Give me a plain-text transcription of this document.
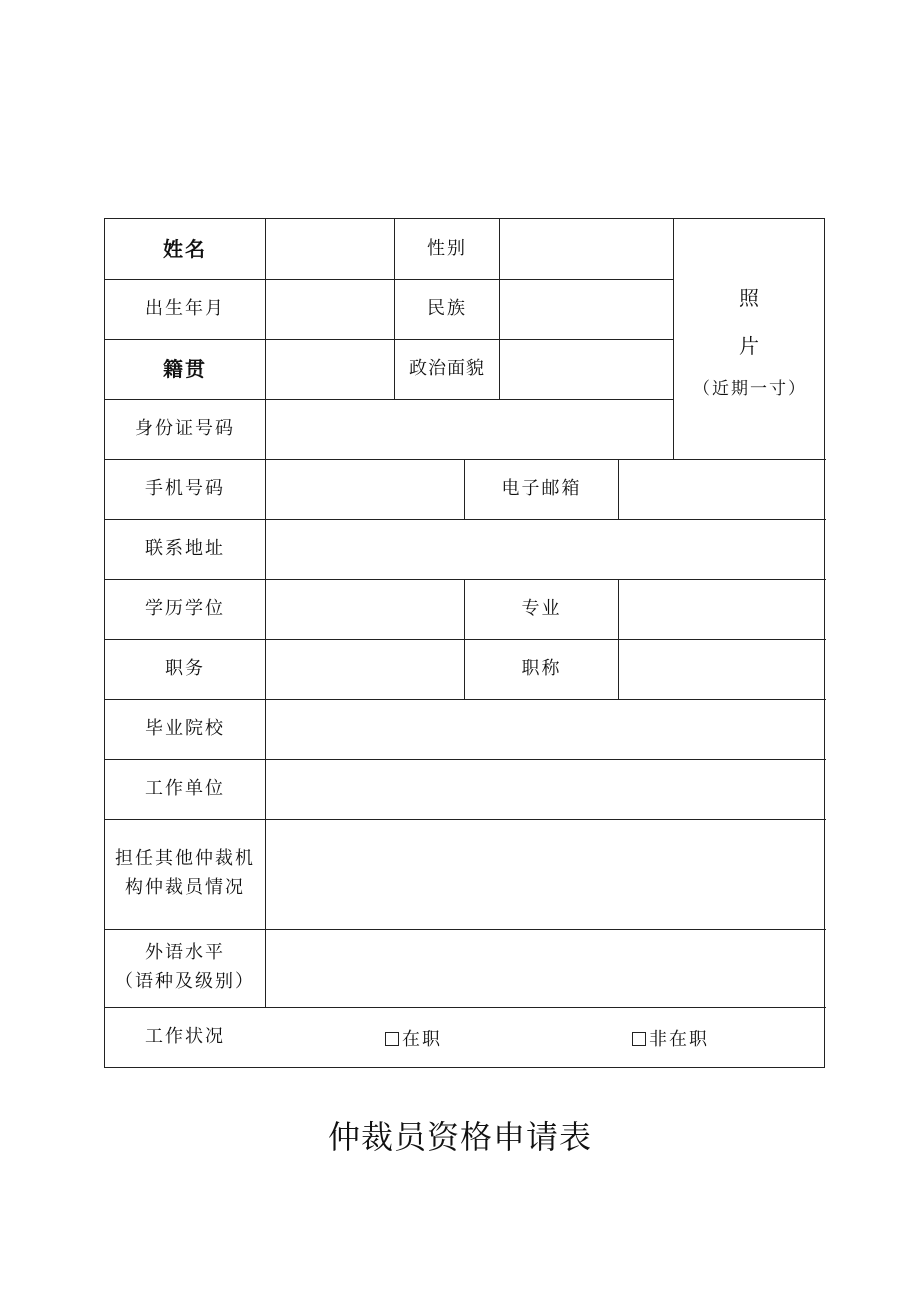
姓名	性别
出生年月	民族
籍贯	政治面貌
照
片
（近期一寸）
身份证号码
手机号码	电子邮箱
联系地址
学历学位	专业
职务	职称
毕业院校
工作单位
担任其他仲裁机
构仲裁员情况
外语水平
（语种及级别）
工作状况	在职	非在职
仲裁员资格申请表
